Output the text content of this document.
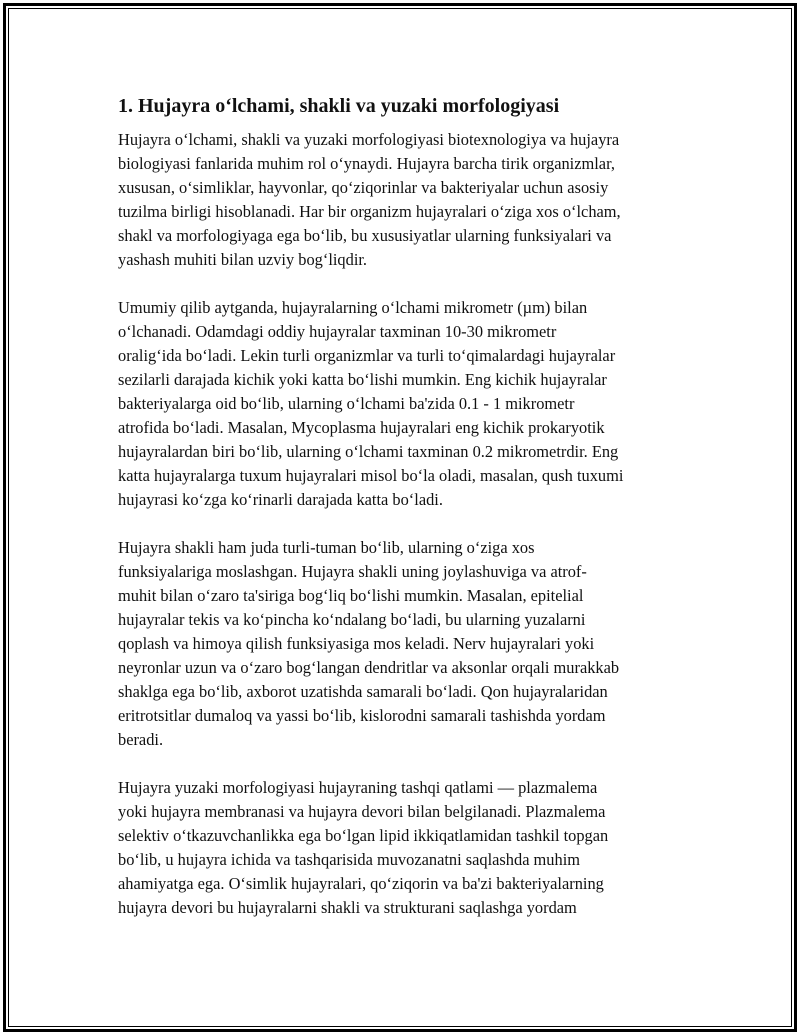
1. Hujayra o‘lchami, shakli va yuzaki morfologiyasi

Hujayra o‘lchami, shakli va yuzaki morfologiyasi biotexnologiya va hujayra
biologiyasi fanlarida muhim rol o‘ynaydi. Hujayra barcha tirik organizmlar,
xususan, o‘simliklar, hayvonlar, qo‘ziqorinlar va bakteriyalar uchun asosiy
tuzilma birligi hisoblanadi. Har bir organizm hujayralari o‘ziga xos o‘lcham,
shakl va morfologiyaga ega bo‘lib, bu xususiyatlar ularning funksiyalari va
yashash muhiti bilan uzviy bog‘liqdir.

Umumiy qilib aytganda, hujayralarning o‘lchami mikrometr (µm) bilan
o‘lchanadi. Odamdagi oddiy hujayralar taxminan 10-30 mikrometr
oralig‘ida bo‘ladi. Lekin turli organizmlar va turli to‘qimalardagi hujayralar
sezilarli darajada kichik yoki katta bo‘lishi mumkin. Eng kichik hujayralar
bakteriyalarga oid bo‘lib, ularning o‘lchami ba'zida 0.1 - 1 mikrometr
atrofida bo‘ladi. Masalan, Mycoplasma hujayralari eng kichik prokaryotik
hujayralardan biri bo‘lib, ularning o‘lchami taxminan 0.2 mikrometrdir. Eng
katta hujayralarga tuxum hujayralari misol bo‘la oladi, masalan, qush tuxumi
hujayrasi ko‘zga ko‘rinarli darajada katta bo‘ladi.

Hujayra shakli ham juda turli-tuman bo‘lib, ularning o‘ziga xos
funksiyalariga moslashgan. Hujayra shakli uning joylashuviga va atrof-
muhit bilan o‘zaro ta'siriga bog‘liq bo‘lishi mumkin. Masalan, epitelial
hujayralar tekis va ko‘pincha ko‘ndalang bo‘ladi, bu ularning yuzalarni
qoplash va himoya qilish funksiyasiga mos keladi. Nerv hujayralari yoki
neyronlar uzun va o‘zaro bog‘langan dendritlar va aksonlar orqali murakkab
shaklga ega bo‘lib, axborot uzatishda samarali bo‘ladi. Qon hujayralaridan
eritrotsitlar dumaloq va yassi bo‘lib, kislorodni samarali tashishda yordam
beradi.

Hujayra yuzaki morfologiyasi hujayraning tashqi qatlami — plazmalema
yoki hujayra membranasi va hujayra devori bilan belgilanadi. Plazmalema
selektiv o‘tkazuvchanlikka ega bo‘lgan lipid ikkiqatlamidan tashkil topgan
bo‘lib, u hujayra ichida va tashqarisida muvozanatni saqlashda muhim
ahamiyatga ega. O‘simlik hujayralari, qo‘ziqorin va ba'zi bakteriyalarning
hujayra devori bu hujayralarni shakli va strukturani saqlashga yordam
